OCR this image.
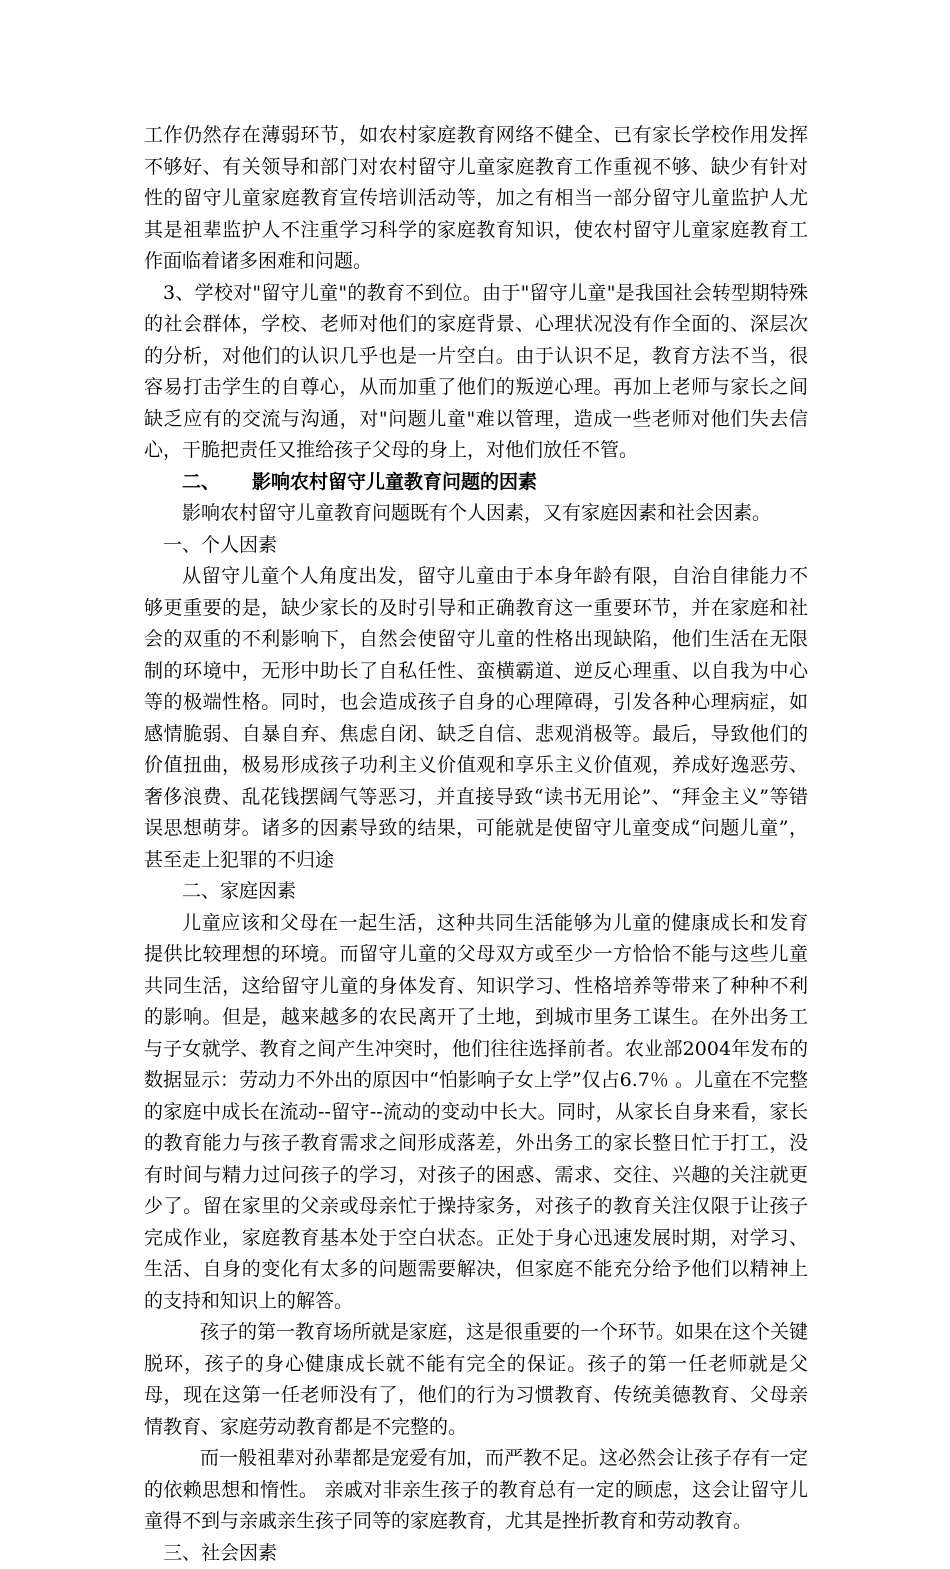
工作仍然存在薄弱环节，如农村家庭教育网络不健全、已有家长学校作用发挥不够好、有关领导和部门对农村留守儿童家庭教育工作重视不够、缺少有针对性的留守儿童家庭教育宣传培训活动等，加之有相当一部分留守儿童监护人尤其是祖辈监护人不注重学习科学的家庭教育知识，使农村留守儿童家庭教育工作面临着诸多困难和问题。

3、学校对"留守儿童"的教育不到位。由于"留守儿童"是我国社会转型期特殊的社会群体，学校、老师对他们的家庭背景、心理状况没有作全面的、深层次的分析，对他们的认识几乎也是一片空白。由于认识不足，教育方法不当，很容易打击学生的自尊心，从而加重了他们的叛逆心理。再加上老师与家长之间缺乏应有的交流与沟通，对"问题儿童"难以管理，造成一些老师对他们失去信心，干脆把责任又推给孩子父母的身上，对他们放任不管。

二、 影响农村留守儿童教育问题的因素

影响农村留守儿童教育问题既有个人因素，又有家庭因素和社会因素。

一、个人因素

从留守儿童个人角度出发，留守儿童由于本身年龄有限，自治自律能力不够更重要的是，缺少家长的及时引导和正确教育这一重要环节，并在家庭和社会的双重的不利影响下，自然会使留守儿童的性格出现缺陷，他们生活在无限制的环境中，无形中助长了自私任性、蛮横霸道、逆反心理重、以自我为中心等的极端性格。同时，也会造成孩子自身的心理障碍，引发各种心理病症，如感情脆弱、自暴自弃、焦虑自闭、缺乏自信、悲观消极等。最后，导致他们的价值扭曲，极易形成孩子功利主义价值观和享乐主义价值观，养成好逸恶劳、奢侈浪费、乱花钱摆阔气等恶习，并直接导致“读书无用论”、“拜金主义”等错误思想萌芽。诸多的因素导致的结果，可能就是使留守儿童变成“问题儿童”，甚至走上犯罪的不归途

二、家庭因素

儿童应该和父母在一起生活，这种共同生活能够为儿童的健康成长和发育提供比较理想的环境。而留守儿童的父母双方或至少一方恰恰不能与这些儿童共同生活，这给留守儿童的身体发育、知识学习、性格培养等带来了种种不利的影响。但是，越来越多的农民离开了土地，到城市里务工谋生。在外出务工与子女就学、教育之间产生冲突时，他们往往选择前者。农业部2004年发布的数据显示：劳动力不外出的原因中“怕影响子女上学”仅占6.7％ 。儿童在不完整的家庭中成长在流动--留守--流动的变动中长大。同时，从家长自身来看，家长的教育能力与孩子教育需求之间形成落差，外出务工的家长整日忙于打工，没有时间与精力过问孩子的学习，对孩子的困惑、需求、交往、兴趣的关注就更少了。留在家里的父亲或母亲忙于操持家务，对孩子的教育关注仅限于让孩子完成作业，家庭教育基本处于空白状态。正处于身心迅速发展时期，对学习、生活、自身的变化有太多的问题需要解决，但家庭不能充分给予他们以精神上的支持和知识上的解答。

孩子的第一教育场所就是家庭，这是很重要的一个环节。如果在这个关键脱环，孩子的身心健康成长就不能有完全的保证。孩子的第一任老师就是父母，现在这第一任老师没有了，他们的行为习惯教育、传统美德教育、父母亲情教育、家庭劳动教育都是不完整的。

而一般祖辈对孙辈都是宠爱有加，而严教不足。这必然会让孩子存有一定的依赖思想和惰性。 亲戚对非亲生孩子的教育总有一定的顾虑，这会让留守儿童得不到与亲戚亲生孩子同等的家庭教育，尤其是挫折教育和劳动教育。

三、社会因素
